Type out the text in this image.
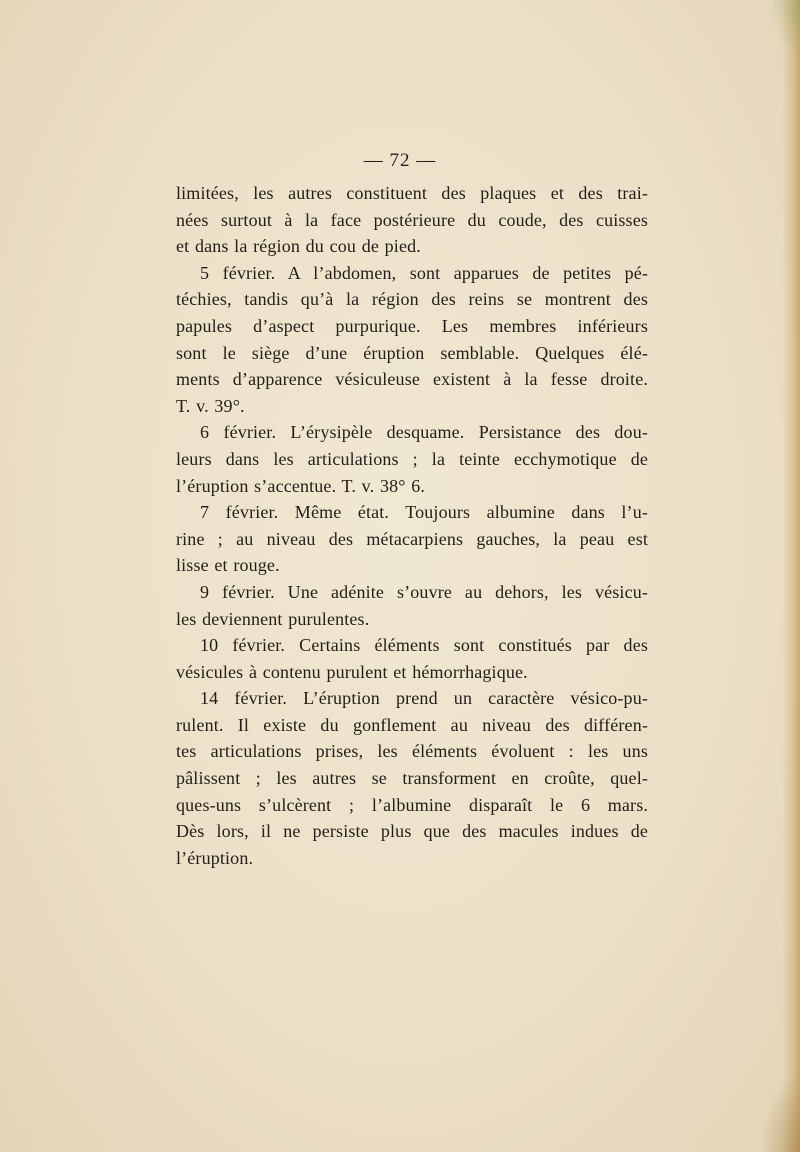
— 72 —
limitées, les autres constituent des plaques et des trai-
nées surtout à la face postérieure du coude, des cuisses
et dans la région du cou de pied.
5 février. A l’abdomen, sont apparues de petites pé-
téchies, tandis qu’à la région des reins se montrent des
papules d’aspect purpurique. Les membres inférieurs
sont le siège d’une éruption semblable. Quelques élé-
ments d’apparence vésiculeuse existent à la fesse droite.
T. v. 39°.
6 février. L’érysipèle desquame. Persistance des dou-
leurs dans les articulations ; la teinte ecchymotique de
l’éruption s’accentue. T. v. 38° 6.
7 février. Même état. Toujours albumine dans l’u-
rine ; au niveau des métacarpiens gauches, la peau est
lisse et rouge.
9 février. Une adénite s’ouvre au dehors, les vésicu-
les deviennent purulentes.
10 février. Certains éléments sont constitués par des
vésicules à contenu purulent et hémorrhagique.
14 février. L’éruption prend un caractère vésico-pu-
rulent. Il existe du gonflement au niveau des différen-
tes articulations prises, les éléments évoluent : les uns
pâlissent ; les autres se transforment en croûte, quel-
ques-uns s’ulcèrent ; l’albumine disparaît le 6 mars.
Dès lors, il ne persiste plus que des macules indues de
l’éruption.
